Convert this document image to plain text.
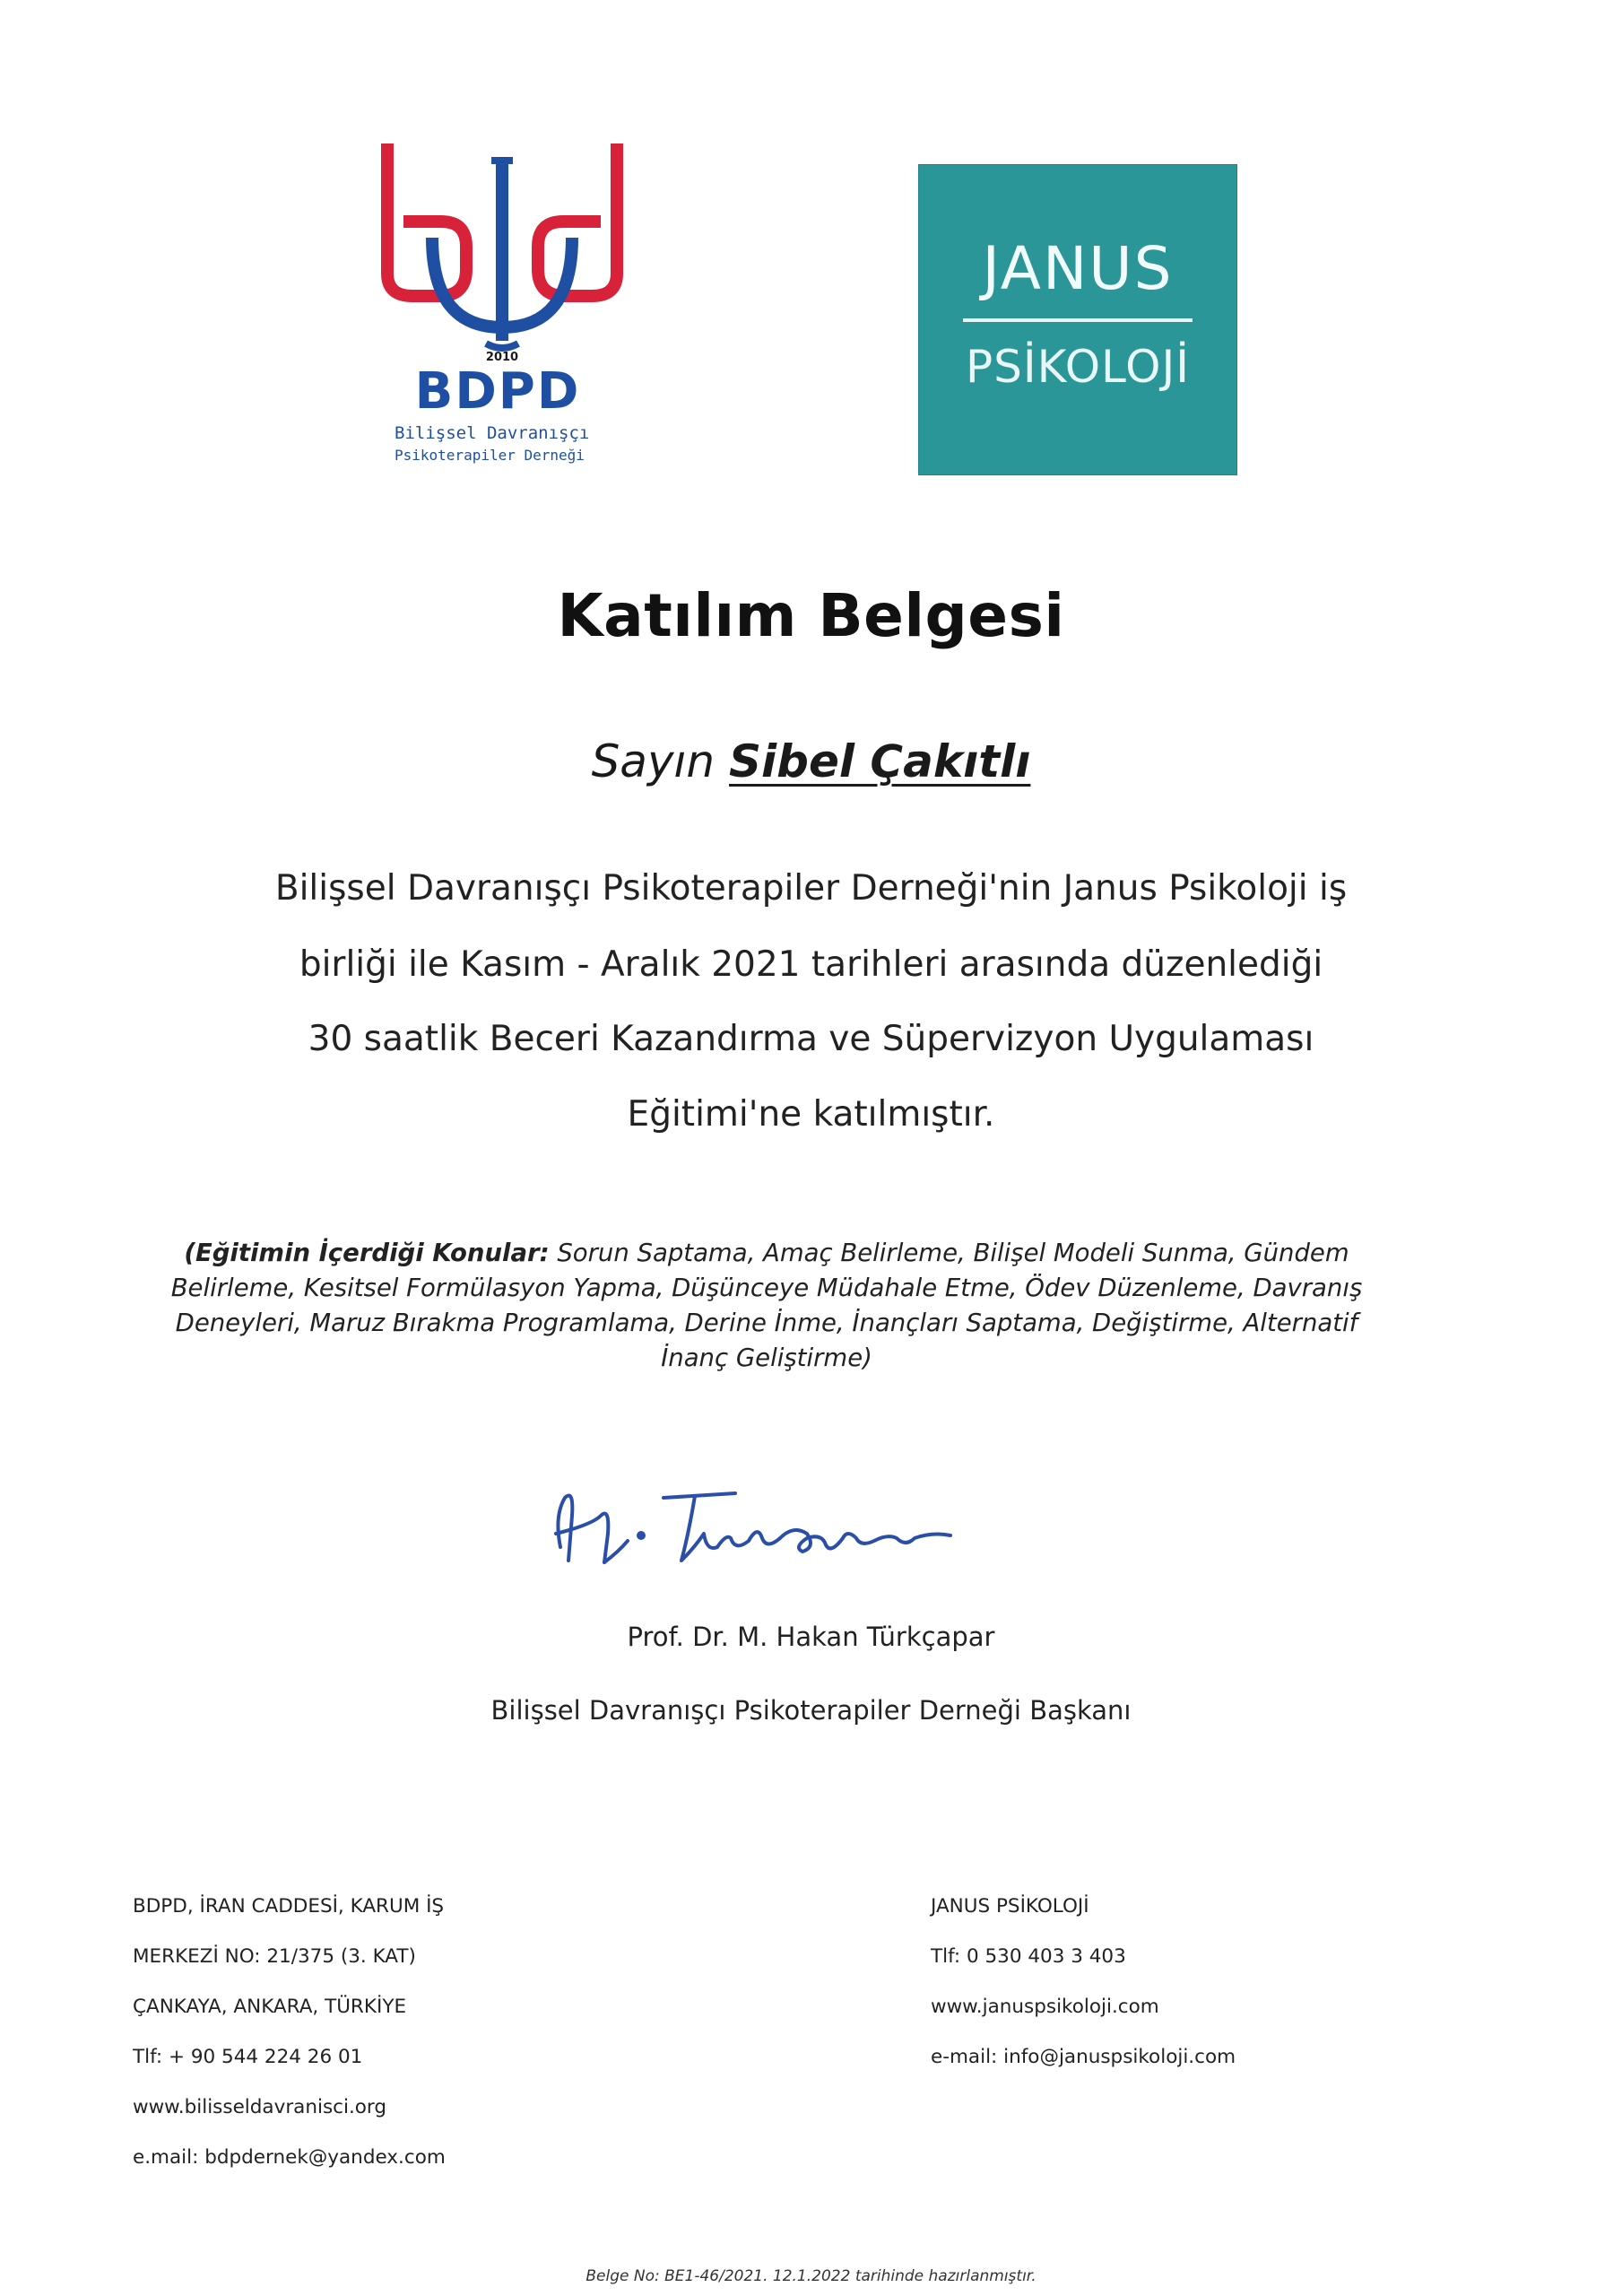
2010
BDPD
Bilişsel Davranışçı
Psikoterapiler Derneği
JANUS
PSİKOLOJİ
Katılım Belgesi
Sayın Sibel Çakıtlı
Bilişsel Davranışçı Psikoterapiler Derneği'nin Janus Psikoloji iş
birliği ile Kasım - Aralık 2021 tarihleri arasında düzenlediği
30 saatlik Beceri Kazandırma ve Süpervizyon Uygulaması
Eğitimi'ne katılmıştır.
(Eğitimin İçerdiği Konular: Sorun Saptama, Amaç Belirleme, Bilişel Modeli Sunma, Gündem Belirleme, Kesitsel Formülasyon Yapma, Düşünceye Müdahale Etme, Ödev Düzenleme, Davranış Deneyleri, Maruz Bırakma Programlama, Derine İnme, İnançları Saptama, Değiştirme, Alternatif İnanç Geliştirme)
Prof. Dr. M. Hakan Türkçapar
Bilişsel Davranışçı Psikoterapiler Derneği Başkanı
BDPD, İRAN CADDESİ, KARUM İŞ
MERKEZİ NO: 21/375 (3. KAT)
ÇANKAYA, ANKARA, TÜRKİYE
Tlf: + 90 544 224 26 01
www.bilisseldavranisci.org
e.mail: bdpdernek@yandex.com
JANUS PSİKOLOJİ
Tlf: 0 530 403 3 403
www.januspsikoloji.com
e-mail: info@januspsikoloji.com
Belge No: BE1-46/2021. 12.1.2022 tarihinde hazırlanmıştır.
